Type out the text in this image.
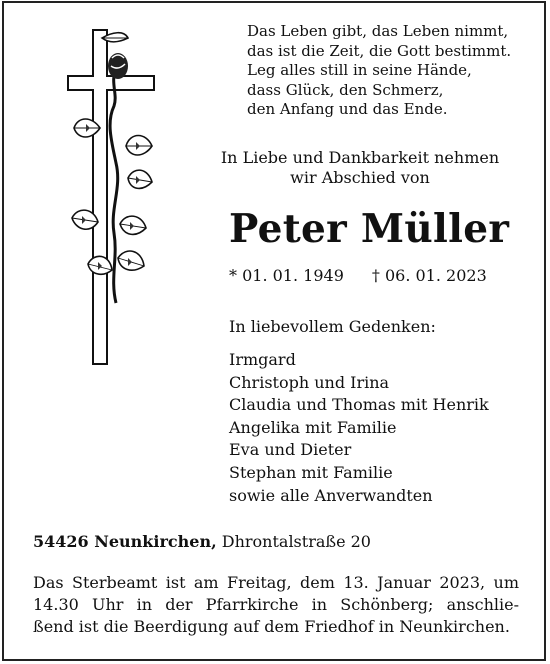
Das Leben gibt, das Leben nimmt,
das ist die Zeit, die Gott bestimmt.
Leg alles still in seine Hände,
dass Glück, den Schmerz,
den Anfang und das Ende.
In Liebe und Dankbarkeit nehmen
wir Abschied von
Peter Müller
* 01. 01. 1949 † 06. 01. 2023
In liebevollem Gedenken:
Irmgard
Christoph und Irina
Claudia und Thomas mit Henrik
Angelika mit Familie
Eva und Dieter
Stephan mit Familie
sowie alle Anverwandten
54426 Neunkirchen, Dhrontalstraße 20
Das Sterbeamt ist am Freitag, dem 13. Januar 2023, um
14.30 Uhr in der Pfarrkirche in Schönberg; anschlie-
ßend ist die Beerdigung auf dem Friedhof in Neunkirchen.
